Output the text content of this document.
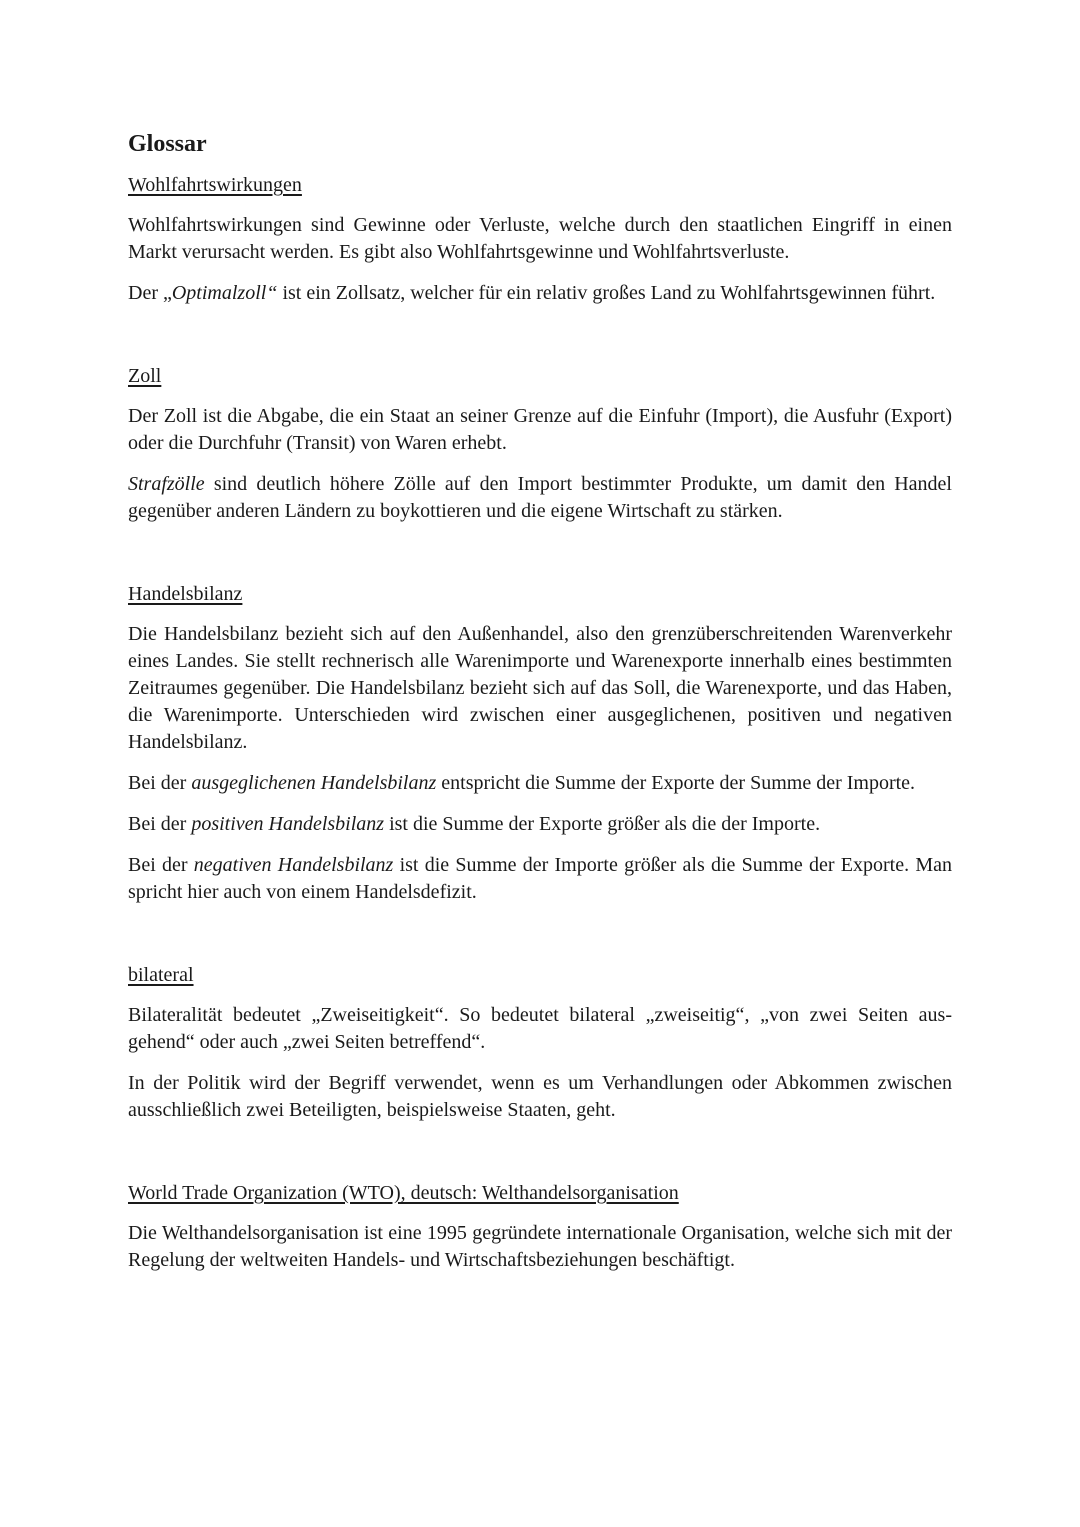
Glossar
Wohlfahrtswirkungen

Wohlfahrtswirkungen sind Gewinne oder Verluste, welche durch den staatlichen Eingriff in einen Markt verursacht werden. Es gibt also Wohlfahrtsgewinne und Wohlfahrtsverluste.

Der „Optimalzoll“ ist ein Zollsatz, welcher für ein relativ großes Land zu Wohlfahrtsgewinnen führt.

Zoll

Der Zoll ist die Abgabe, die ein Staat an seiner Grenze auf die Einfuhr (Import), die Ausfuhr (Export) oder die Durchfuhr (Transit) von Waren erhebt.

Strafzölle sind deutlich höhere Zölle auf den Import bestimmter Produkte, um damit den Handel gegenüber anderen Ländern zu boykottieren und die eigene Wirtschaft zu stärken.

Handelsbilanz

Die Handelsbilanz bezieht sich auf den Außenhandel, also den grenzüberschreitenden Warenverkehr eines Landes. Sie stellt rechnerisch alle Warenimporte und Warenexporte innerhalb eines bestimmten Zeitraumes gegenüber. Die Handelsbilanz bezieht sich auf das Soll, die Warenexporte, und das Haben, die Warenimporte. Unterschieden wird zwischen einer ausgeglichenen, positiven und negativen Handelsbilanz.

Bei der ausgeglichenen Handelsbilanz entspricht die Summe der Exporte der Summe der Importe.

Bei der positiven Handelsbilanz ist die Summe der Exporte größer als die der Importe.

Bei der negativen Handelsbilanz ist die Summe der Importe größer als die Summe der Exporte. Man spricht hier auch von einem Handelsdefizit.

bilateral

Bilateralität bedeutet „Zweiseitigkeit“. So bedeutet bilateral „zweiseitig“, „von zwei Seiten ausgehend“ oder auch „zwei Seiten betreffend“.

In der Politik wird der Begriff verwendet, wenn es um Verhandlungen oder Abkommen zwischen ausschließlich zwei Beteiligten, beispielsweise Staaten, geht.

World Trade Organization (WTO), deutsch: Welthandelsorganisation

Die Welthandelsorganisation ist eine 1995 gegründete internationale Organisation, welche sich mit der Regelung der weltweiten Handels- und Wirtschaftsbeziehungen beschäftigt.
